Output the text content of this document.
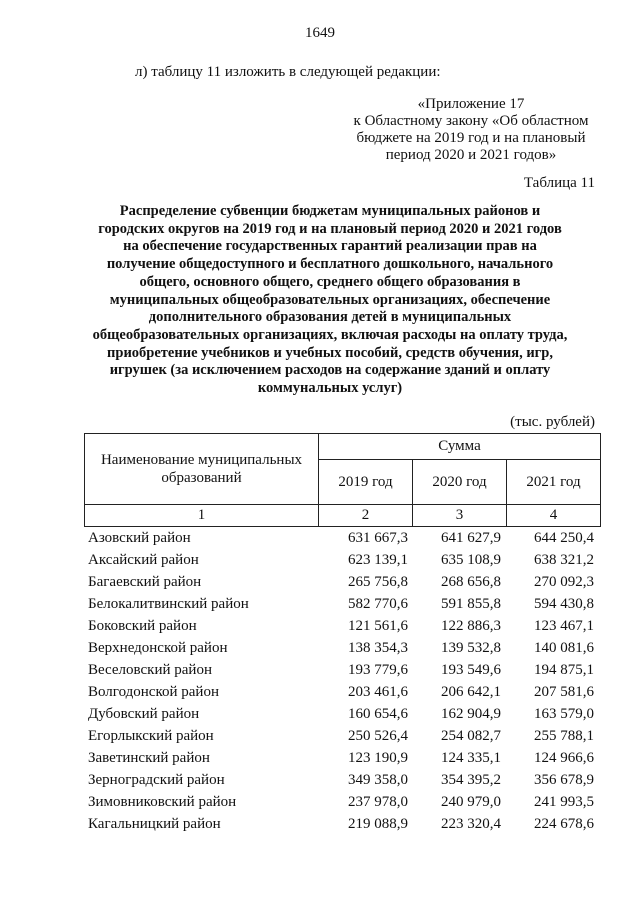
1649
л) таблицу 11 изложить в следующей редакции:
«Приложение 17
к Областному закону «Об областном
бюджете на 2019 год и на плановый
период 2020 и 2021 годов»
Таблица 11
Распределение субвенции бюджетам муниципальных районов и
городских округов на 2019 год и на плановый период 2020 и 2021 годов
на обеспечение государственных гарантий реализации прав на
получение общедоступного и бесплатного дошкольного, начального
общего, основного общего, среднего общего образования в
муниципальных общеобразовательных организациях, обеспечение
дополнительного образования детей в муниципальных
общеобразовательных организациях, включая расходы на оплату труда,
приобретение учебников и учебных пособий, средств обучения, игр,
игрушек (за исключением расходов на содержание зданий и оплату
коммунальных услуг)
(тыс. рублей)
Наименование муниципальных образований	Сумма		
	2019 год	2020 год	2021 год
1	2	3	4
Азовский район	631 667,3	641 627,9	644 250,4
Аксайский район	623 139,1	635 108,9	638 321,2
Багаевский район	265 756,8	268 656,8	270 092,3
Белокалитвинский район	582 770,6	591 855,8	594 430,8
Боковский район	121 561,6	122 886,3	123 467,1
Верхнедонской район	138 354,3	139 532,8	140 081,6
Веселовский район	193 779,6	193 549,6	194 875,1
Волгодонской район	203 461,6	206 642,1	207 581,6
Дубовский район	160 654,6	162 904,9	163 579,0
Егорлыкский район	250 526,4	254 082,7	255 788,1
Заветинский район	123 190,9	124 335,1	124 966,6
Зерноградский район	349 358,0	354 395,2	356 678,9
Зимовниковский район	237 978,0	240 979,0	241 993,5
Кагальницкий район	219 088,9	223 320,4	224 678,6
